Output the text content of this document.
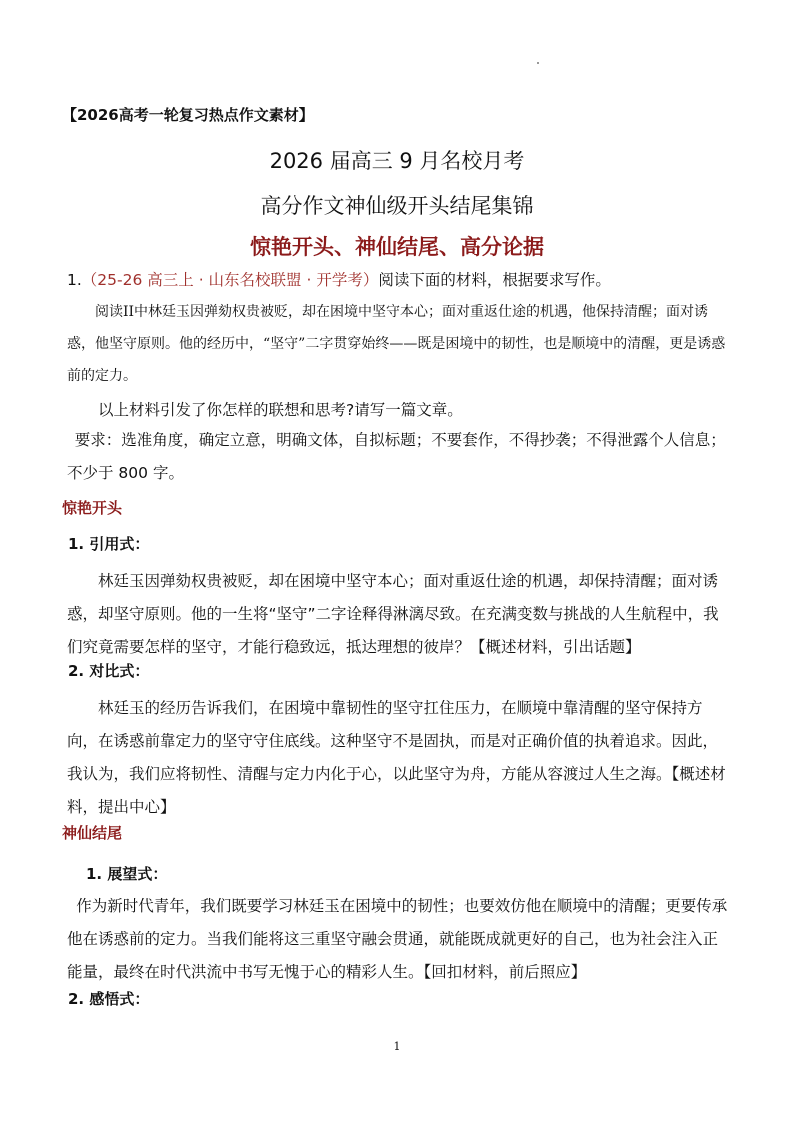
【2026高考一轮复习热点作文素材】
2026 届高三 9 月名校月考
高分作文神仙级开头结尾集锦
惊艳开头、神仙结尾、高分论据
1.（25-26 高三上 · 山东名校联盟 · 开学考）阅读下面的材料，根据要求写作。

阅读II中林廷玉因弹劾权贵被贬，却在困境中坚守本心；面对重返仕途的机遇，他保持清醒；面对诱惑，他坚守原则。他的经历中，“坚守”二字贯穿始终——既是困境中的韧性，也是顺境中的清醒，更是诱惑前的定力。

以上材料引发了你怎样的联想和思考?请写一篇文章。
要求：选准角度，确定立意，明确文体，自拟标题；不要套作，不得抄袭；不得泄露个人信息；不少于 800 字。
惊艳开头
1. 引用式：
林廷玉因弹劾权贵被贬，却在困境中坚守本心；面对重返仕途的机遇，却保持清醒；面对诱惑，却坚守原则。他的一生将“坚守”二字诠释得淋漓尽致。在充满变数与挑战的人生航程中，我们究竟需要怎样的坚守，才能行稳致远，抵达理想的彼岸？【概述材料，引出话题】
2. 对比式：
林廷玉的经历告诉我们，在困境中靠韧性的坚守扛住压力，在顺境中靠清醒的坚守保持方向，在诱惑前靠定力的坚守守住底线。这种坚守不是固执，而是对正确价值的执着追求。因此，我认为，我们应将韧性、清醒与定力内化于心，以此坚守为舟，方能从容渡过人生之海。【概述材料，提出中心】
神仙结尾
1. 展望式：
作为新时代青年，我们既要学习林廷玉在困境中的韧性；也要效仿他在顺境中的清醒；更要传承他在诱惑前的定力。当我们能将这三重坚守融会贯通，就能既成就更好的自己，也为社会注入正能量，最终在时代洪流中书写无愧于心的精彩人生。【回扣材料，前后照应】
2. 感悟式：
1
